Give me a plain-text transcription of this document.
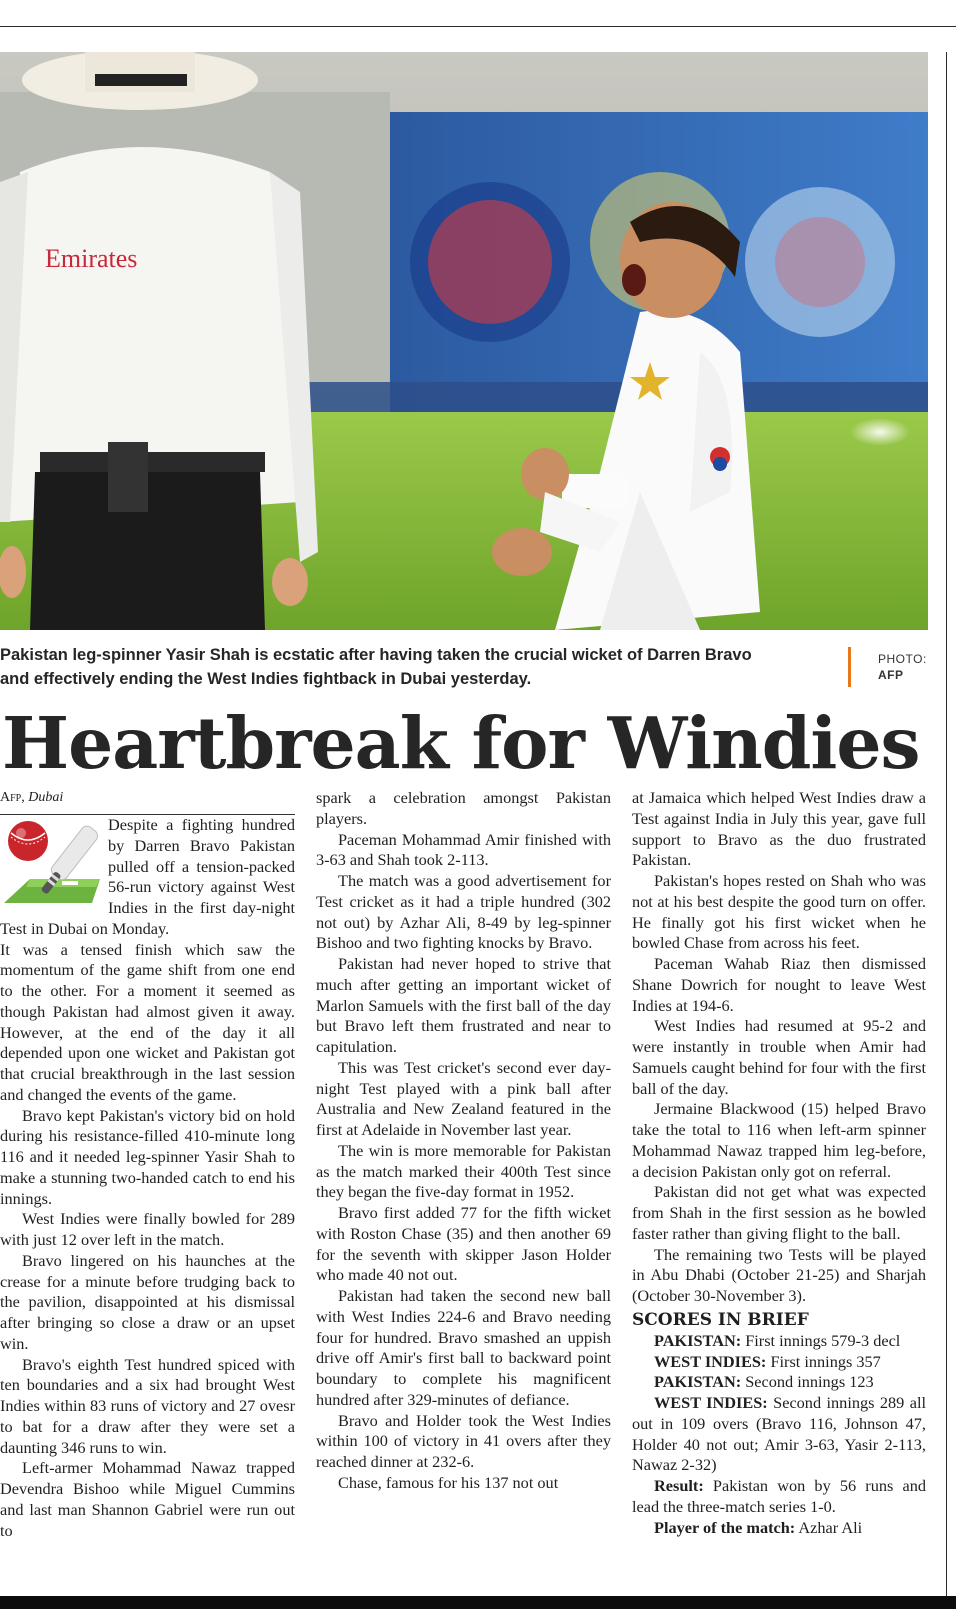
Emirates
Pakistan leg-spinner Yasir Shah is ecstatic after having taken the crucial wicket of Darren Bravo and effectively ending the West Indies fightback in Dubai yesterday.
PHOTO:
AFP
Heartbreak for Windies

Afp, Dubai

Despite a fighting hundred by Darren Bravo Pakistan pulled off a tension-packed 56-run victory against West Indies in the first day-night Test in Dubai on Monday.

It was a tensed finish which saw the momentum of the game shift from one end to the other. For a moment it seemed as though Pakistan had almost given it away. However, at the end of the day it all depended upon one wicket and Pakistan got that crucial breakthrough in the last session and changed the events of the game.

Bravo kept Pakistan's victory bid on hold during his resistance-filled 410-minute long 116 and it needed leg-spinner Yasir Shah to make a stunning two-handed catch to end his innings.

West Indies were finally bowled for 289 with just 12 over left in the match.

Bravo lingered on his haunches at the crease for a minute before trudging back to the pavilion, disappointed at his dismissal after bringing so close a draw or an upset win.

Bravo's eighth Test hundred spiced with ten boundaries and a six had brought West Indies within 83 runs of victory and 27 ovesr to bat for a draw after they were set a daunting 346 runs to win.

Left-armer Mohammad Nawaz trapped Devendra Bishoo while Miguel Cummins and last man Shannon Gabriel were run out to

spark a celebration amongst Pakistan players.

Paceman Mohammad Amir finished with 3-63 and Shah took 2-113.

The match was a good advertisement for Test cricket as it had a triple hundred (302 not out) by Azhar Ali, 8-49 by leg-spinner Bishoo and two fighting knocks by Bravo.

Pakistan had never hoped to strive that much after getting an important wicket of Marlon Samuels with the first ball of the day but Bravo left them frustrated and near to capitulation.

This was Test cricket's second ever day-night Test played with a pink ball after Australia and New Zealand featured in the first at Adelaide in November last year.

The win is more memorable for Pakistan as the match marked their 400th Test since they began the five-day format in 1952.

Bravo first added 77 for the fifth wicket with Roston Chase (35) and then another 69 for the seventh with skipper Jason Holder who made 40 not out.

Pakistan had taken the second new ball with West Indies 224-6 and Bravo needing four for hundred. Bravo smashed an uppish drive off Amir's first ball to backward point boundary to complete his magnificent hundred after 329-minutes of defiance.

Bravo and Holder took the West Indies within 100 of victory in 41 overs after they reached dinner at 232-6.

Chase, famous for his 137 not out

at Jamaica which helped West Indies draw a Test against India in July this year, gave full support to Bravo as the duo frustrated Pakistan.

Pakistan's hopes rested on Shah who was not at his best despite the good turn on offer. He finally got his first wicket when he bowled Chase from across his feet.

Paceman Wahab Riaz then dismissed Shane Dowrich for nought to leave West Indies at 194-6.

West Indies had resumed at 95-2 and were instantly in trouble when Amir had Samuels caught behind for four with the first ball of the day.

Jermaine Blackwood (15) helped Bravo take the total to 116 when left-arm spinner Mohammad Nawaz trapped him leg-before, a decision Pakistan only got on referral.

Pakistan did not get what was expected from Shah in the first session as he bowled faster rather than giving flight to the ball.

The remaining two Tests will be played in Abu Dhabi (October 21-25) and Sharjah (October 30-November 3).

SCORES IN BRIEF

PAKISTAN: First innings 579-3 decl

WEST INDIES: First innings 357

PAKISTAN: Second innings 123

WEST INDIES: Second innings 289 all out in 109 overs (Bravo 116, Johnson 47, Holder 40 not out; Amir 3-63, Yasir 2-113, Nawaz 2-32)

Result: Pakistan won by 56 runs and lead the three-match series 1-0.

Player of the match: Azhar Ali
